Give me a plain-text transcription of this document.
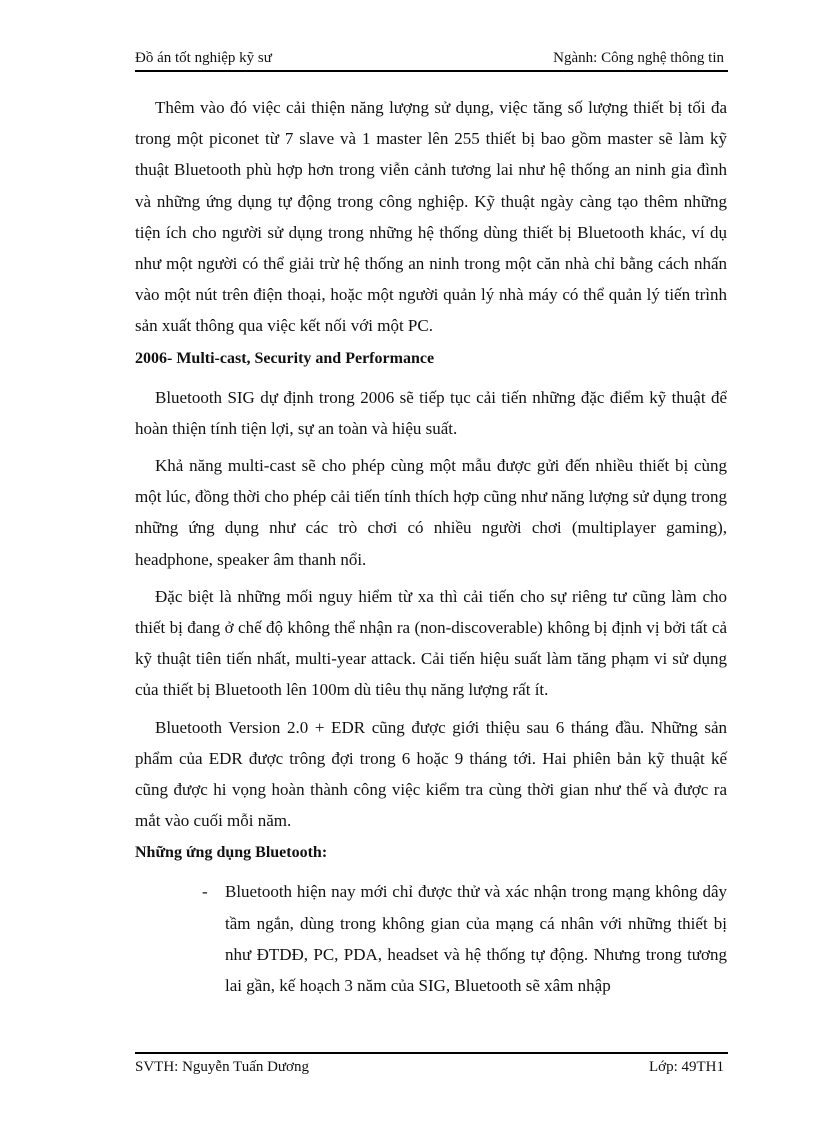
Đồ án tốt nghiệp kỹ sư	Ngành: Công nghệ thông tin

Thêm vào đó việc cải thiện năng lượng sử dụng, việc tăng số lượng thiết bị tối đa trong một piconet từ 7 slave và 1 master lên 255 thiết bị bao gồm master sẽ làm kỹ thuật Bluetooth phù hợp hơn trong viễn cảnh tương lai như hệ thống an ninh gia đình và những ứng dụng tự động trong công nghiệp. Kỹ thuật ngày càng tạo thêm những tiện ích cho người sử dụng trong những hệ thống dùng thiết bị Bluetooth khác, ví dụ như một người có thể giải trừ hệ thống an ninh trong một căn nhà chỉ bằng cách nhấn vào một nút trên điện thoại, hoặc một người quản lý nhà máy có thể quản lý tiến trình sản xuất thông qua việc kết nối với một PC.

2006- Multi-cast, Security and Performance

Bluetooth SIG dự định trong 2006 sẽ tiếp tục cải tiến những đặc điểm kỹ thuật để hoàn thiện tính tiện lợi, sự an toàn và hiệu suất.

Khả năng multi-cast sẽ cho phép cùng một mẫu được gửi đến nhiều thiết bị cùng một lúc, đồng thời cho phép cải tiến tính thích hợp cũng như năng lượng sử dụng trong những ứng dụng như các trò chơi có nhiều người chơi (multiplayer gaming), headphone, speaker âm thanh nổi.

Đặc biệt là những mối nguy hiểm từ xa thì cải tiến cho sự riêng tư cũng làm cho thiết bị đang ở chế độ không thể nhận ra (non-discoverable) không bị định vị bởi tất cả kỹ thuật tiên tiến nhất, multi-year attack. Cải tiến hiệu suất làm tăng phạm vi sử dụng của thiết bị Bluetooth lên 100m dù tiêu thụ năng lượng rất ít.

Bluetooth Version 2.0 + EDR cũng được giới thiệu sau 6 tháng đầu. Những sản phẩm của EDR được trông đợi trong 6 hoặc 9 tháng tới. Hai phiên bản kỹ thuật kế cũng được hi vọng hoàn thành công việc kiểm tra cùng thời gian như thế và được ra mắt vào cuối mỗi năm.

Những ứng dụng Bluetooth:
- Bluetooth hiện nay mới chỉ được thử và xác nhận trong mạng không dây tầm ngắn, dùng trong không gian của mạng cá nhân với những thiết bị như ĐTDĐ, PC, PDA, headset và hệ thống tự động. Nhưng trong tương lai gần, kế hoạch 3 năm của SIG, Bluetooth sẽ xâm nhập
SVTH: Nguyễn Tuấn Dương	Lớp: 49TH1
